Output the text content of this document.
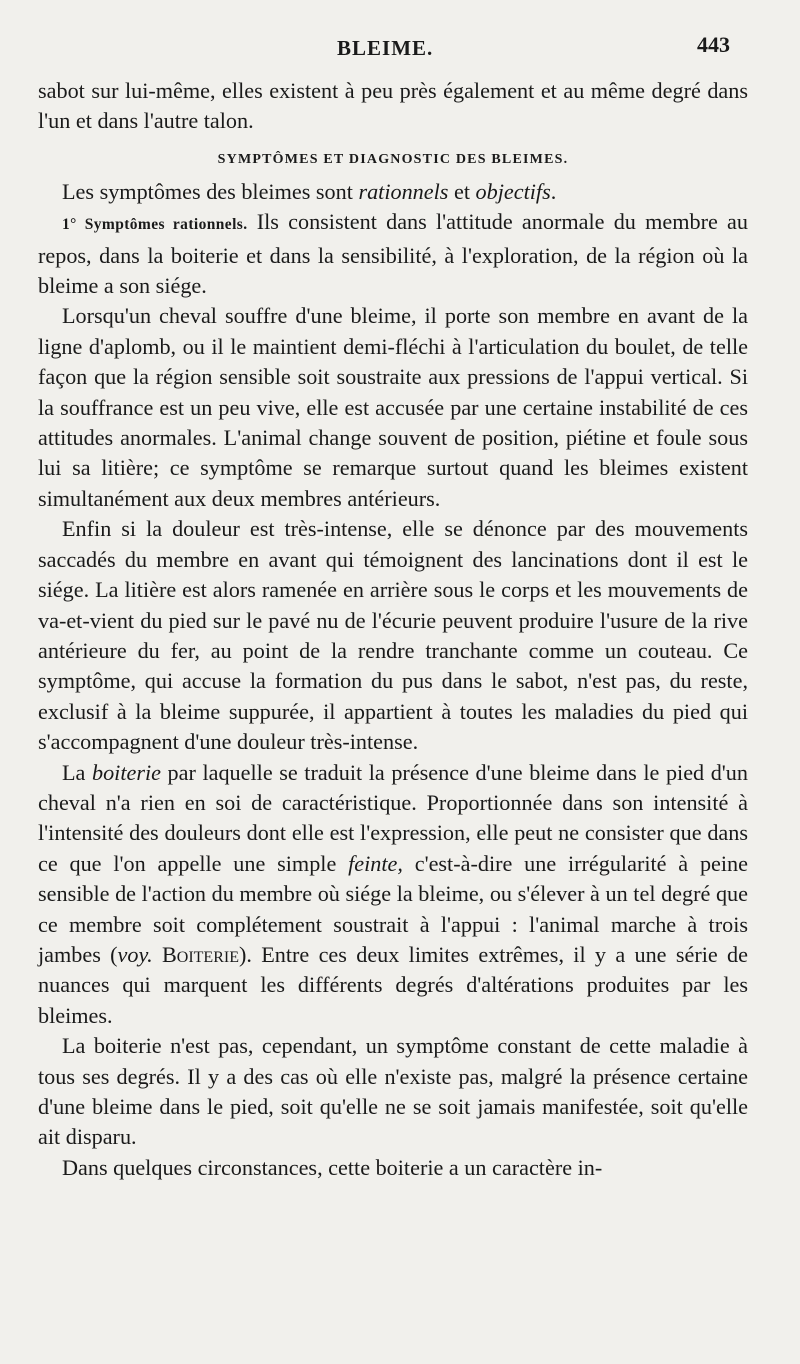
BLEIME.	443

sabot sur lui-même, elles existent à peu près également et au même degré dans l'un et dans l'autre talon.

SYMPTÔMES ET DIAGNOSTIC DES BLEIMES.

Les symptômes des bleimes sont rationnels et objectifs.

1° Symptômes rationnels. Ils consistent dans l'attitude anormale du membre au repos, dans la boiterie et dans la sensibilité, à l'exploration, de la région où la bleime a son siége.

Lorsqu'un cheval souffre d'une bleime, il porte son membre en avant de la ligne d'aplomb, ou il le maintient demi-fléchi à l'articulation du boulet, de telle façon que la région sensible soit soustraite aux pressions de l'appui vertical. Si la souffrance est un peu vive, elle est accusée par une certaine instabilité de ces attitudes anormales. L'animal change souvent de position, piétine et foule sous lui sa litière; ce symptôme se remarque surtout quand les bleimes existent simultanément aux deux membres antérieurs.

Enfin si la douleur est très-intense, elle se dénonce par des mouvements saccadés du membre en avant qui témoignent des lancinations dont il est le siége. La litière est alors ramenée en arrière sous le corps et les mouvements de va-et-vient du pied sur le pavé nu de l'écurie peuvent produire l'usure de la rive antérieure du fer, au point de la rendre tranchante comme un couteau. Ce symptôme, qui accuse la formation du pus dans le sabot, n'est pas, du reste, exclusif à la bleime suppurée, il appartient à toutes les maladies du pied qui s'accompagnent d'une douleur très-intense.

La boiterie par laquelle se traduit la présence d'une bleime dans le pied d'un cheval n'a rien en soi de caractéristique. Proportionnée dans son intensité à l'intensité des douleurs dont elle est l'expression, elle peut ne consister que dans ce que l'on appelle une simple feinte, c'est-à-dire une irrégularité à peine sensible de l'action du membre où siége la bleime, ou s'élever à un tel degré que ce membre soit complétement soustrait à l'appui : l'animal marche à trois jambes (voy. Boiterie). Entre ces deux limites extrêmes, il y a une série de nuances qui marquent les différents degrés d'altérations produites par les bleimes.

La boiterie n'est pas, cependant, un symptôme constant de cette maladie à tous ses degrés. Il y a des cas où elle n'existe pas, malgré la présence certaine d'une bleime dans le pied, soit qu'elle ne se soit jamais manifestée, soit qu'elle ait disparu.

Dans quelques circonstances, cette boiterie a un caractère in-
